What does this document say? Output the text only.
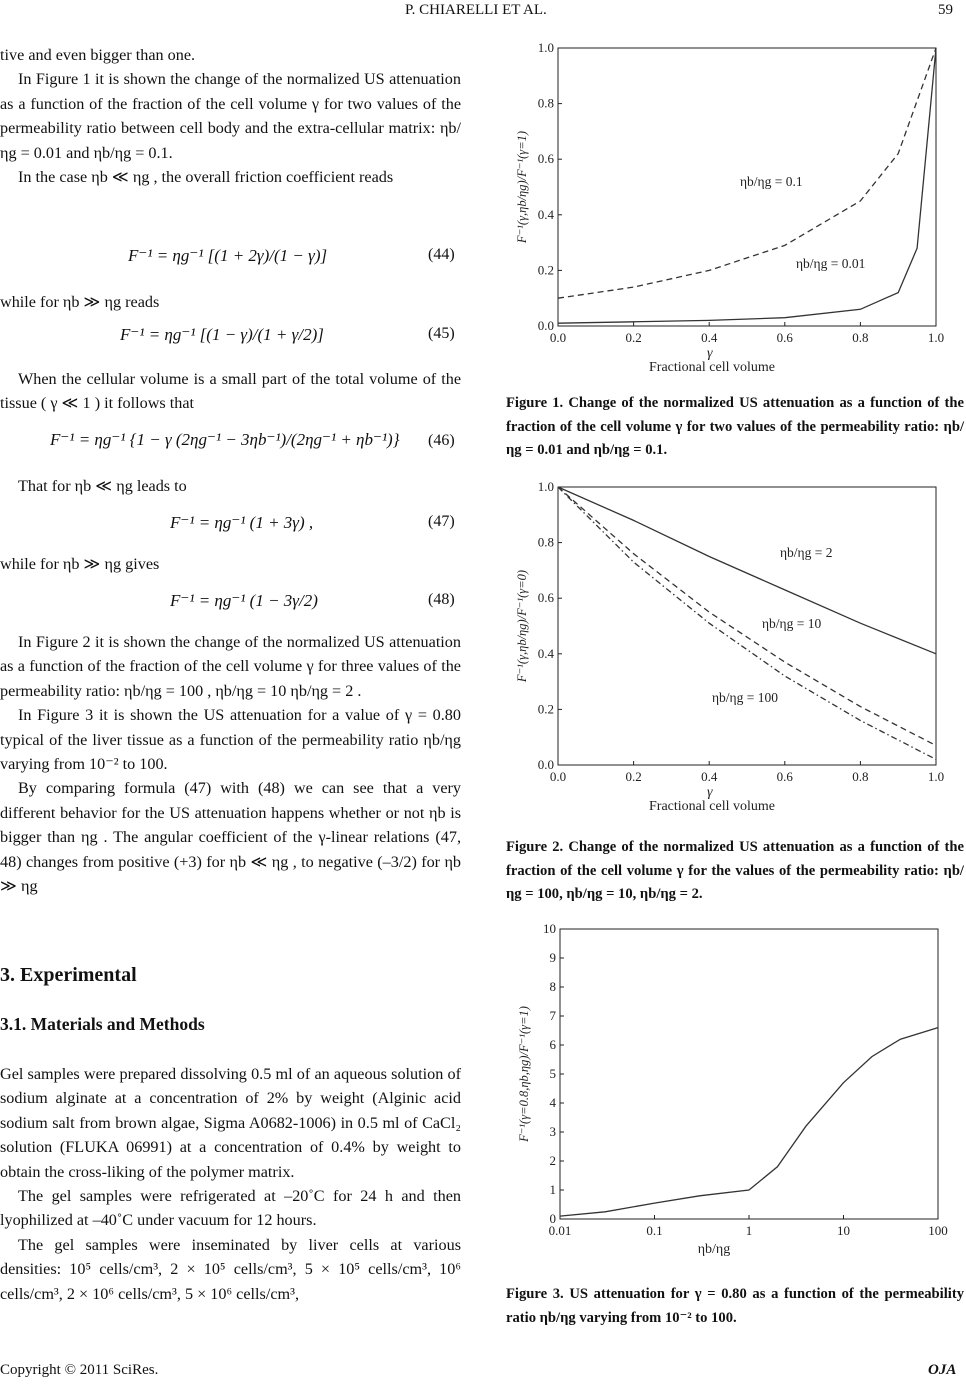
P. CHIARELLI ET AL.	59

tive and even bigger than one.

In Figure 1 it is shown the change of the normalized US attenuation as a function of the fraction of the cell volume γ for two values of the permeability ratio between cell body and the extra-cellular matrix: ηb/ηg = 0.01 and ηb/ηg = 0.1.

In the case ηb ≪ ηg , the overall friction coefficient reads

F⁻¹ = ηg⁻¹ [(1 + 2γ)/(1 − γ)]	(44)

while for ηb ≫ ηg reads

F⁻¹ = ηg⁻¹ [(1 − γ)/(1 + γ/2)]	(45)

When the cellular volume is a small part of the total volume of the tissue ( γ ≪ 1 ) it follows that

F⁻¹ = ηg⁻¹ {1 − γ (2ηg⁻¹ − 3ηb⁻¹)/(2ηg⁻¹ + ηb⁻¹)} (46)

That for ηb ≪ ηg leads to

F⁻¹ = ηg⁻¹ (1 + 3γ) ,	(47)

while for ηb ≫ ηg gives

F⁻¹ = ηg⁻¹ (1 − 3γ/2)	(48)

In Figure 2 it is shown the change of the normalized US attenuation as a function of the fraction of the cell volume γ for three values of the permeability ratio: ηb/ηg = 100 , ηb/ηg = 10 ηb/ηg = 2 .

In Figure 3 it is shown the US attenuation for a value of γ = 0.80 typical of the liver tissue as a function of the permeability ratio ηb/ηg varying from 10⁻² to 100.

By comparing formula (47) with (48) we can see that a very different behavior for the US attenuation happens whether or not ηb is bigger than ηg . The angular coefficient of the γ-linear relations (47, 48) changes from positive (+3) for ηb ≪ ηg , to negative (–3/2) for ηb ≫ ηg

3. Experimental
3.1. Materials and Methods

Gel samples were prepared dissolving 0.5 ml of an aqueous solution of sodium alginate at a concentration of 2% by weight (Alginic acid sodium salt from brown algae, Sigma A0682-1006) in 0.5 ml of CaCl₂ solution (FLUKA 06991) at a concentration of 0.4% by weight to obtain the cross-liking of the polymer matrix.

The gel samples were refrigerated at –20˚C for 24 h and then lyophilized at –40˚C under vacuum for 12 hours.

The gel samples were inseminated by liver cells at various densities: 10⁵ cells/cm³, 2 × 10⁵ cells/cm³, 5 × 10⁵ cells/cm³, 10⁶ cells/cm³, 2 × 10⁶ cells/cm³, 5 × 10⁶ cells/cm³,

0.0	0.2	0.4	0.6	0.8	1.0
0.0
0.2
0.4
0.6
0.8
1.0
F⁻¹(γ,ηb/ηg)/F⁻¹(γ=1)
γ
Fractional cell volume
ηb/ηg = 0.1
ηb/ηg = 0.01
Figure 1. Change of the normalized US attenuation as a function of the fraction of the cell volume γ for two values of the permeability ratio: ηb/ηg = 0.01 and ηb/ηg = 0.1.
0.0	0.2	0.4	0.6	0.8	1.0
0.0
0.2
0.4
0.6
0.8
1.0
F⁻¹(γ,ηb/ηg)/F⁻¹(γ=0)
γ
Fractional cell volume
ηb/ηg = 2
ηb/ηg = 10
ηb/ηg = 100
Figure 2. Change of the normalized US attenuation as a function of the fraction of the cell volume γ for the values of the permeability ratio: ηb/ηg = 100, ηb/ηg = 10, ηb/ηg = 2.
0.01	0.1	1	10	100
0
1
2
3
4
5
6
7
8
9
10
F⁻¹(γ=0.8,ηb,ηg)/F⁻¹(γ=1)
ηb/ηg
Figure 3. US attenuation for γ = 0.80 as a function of the permeability ratio ηb/ηg varying from 10⁻² to 100.
Copyright © 2011 SciRes.	OJA
